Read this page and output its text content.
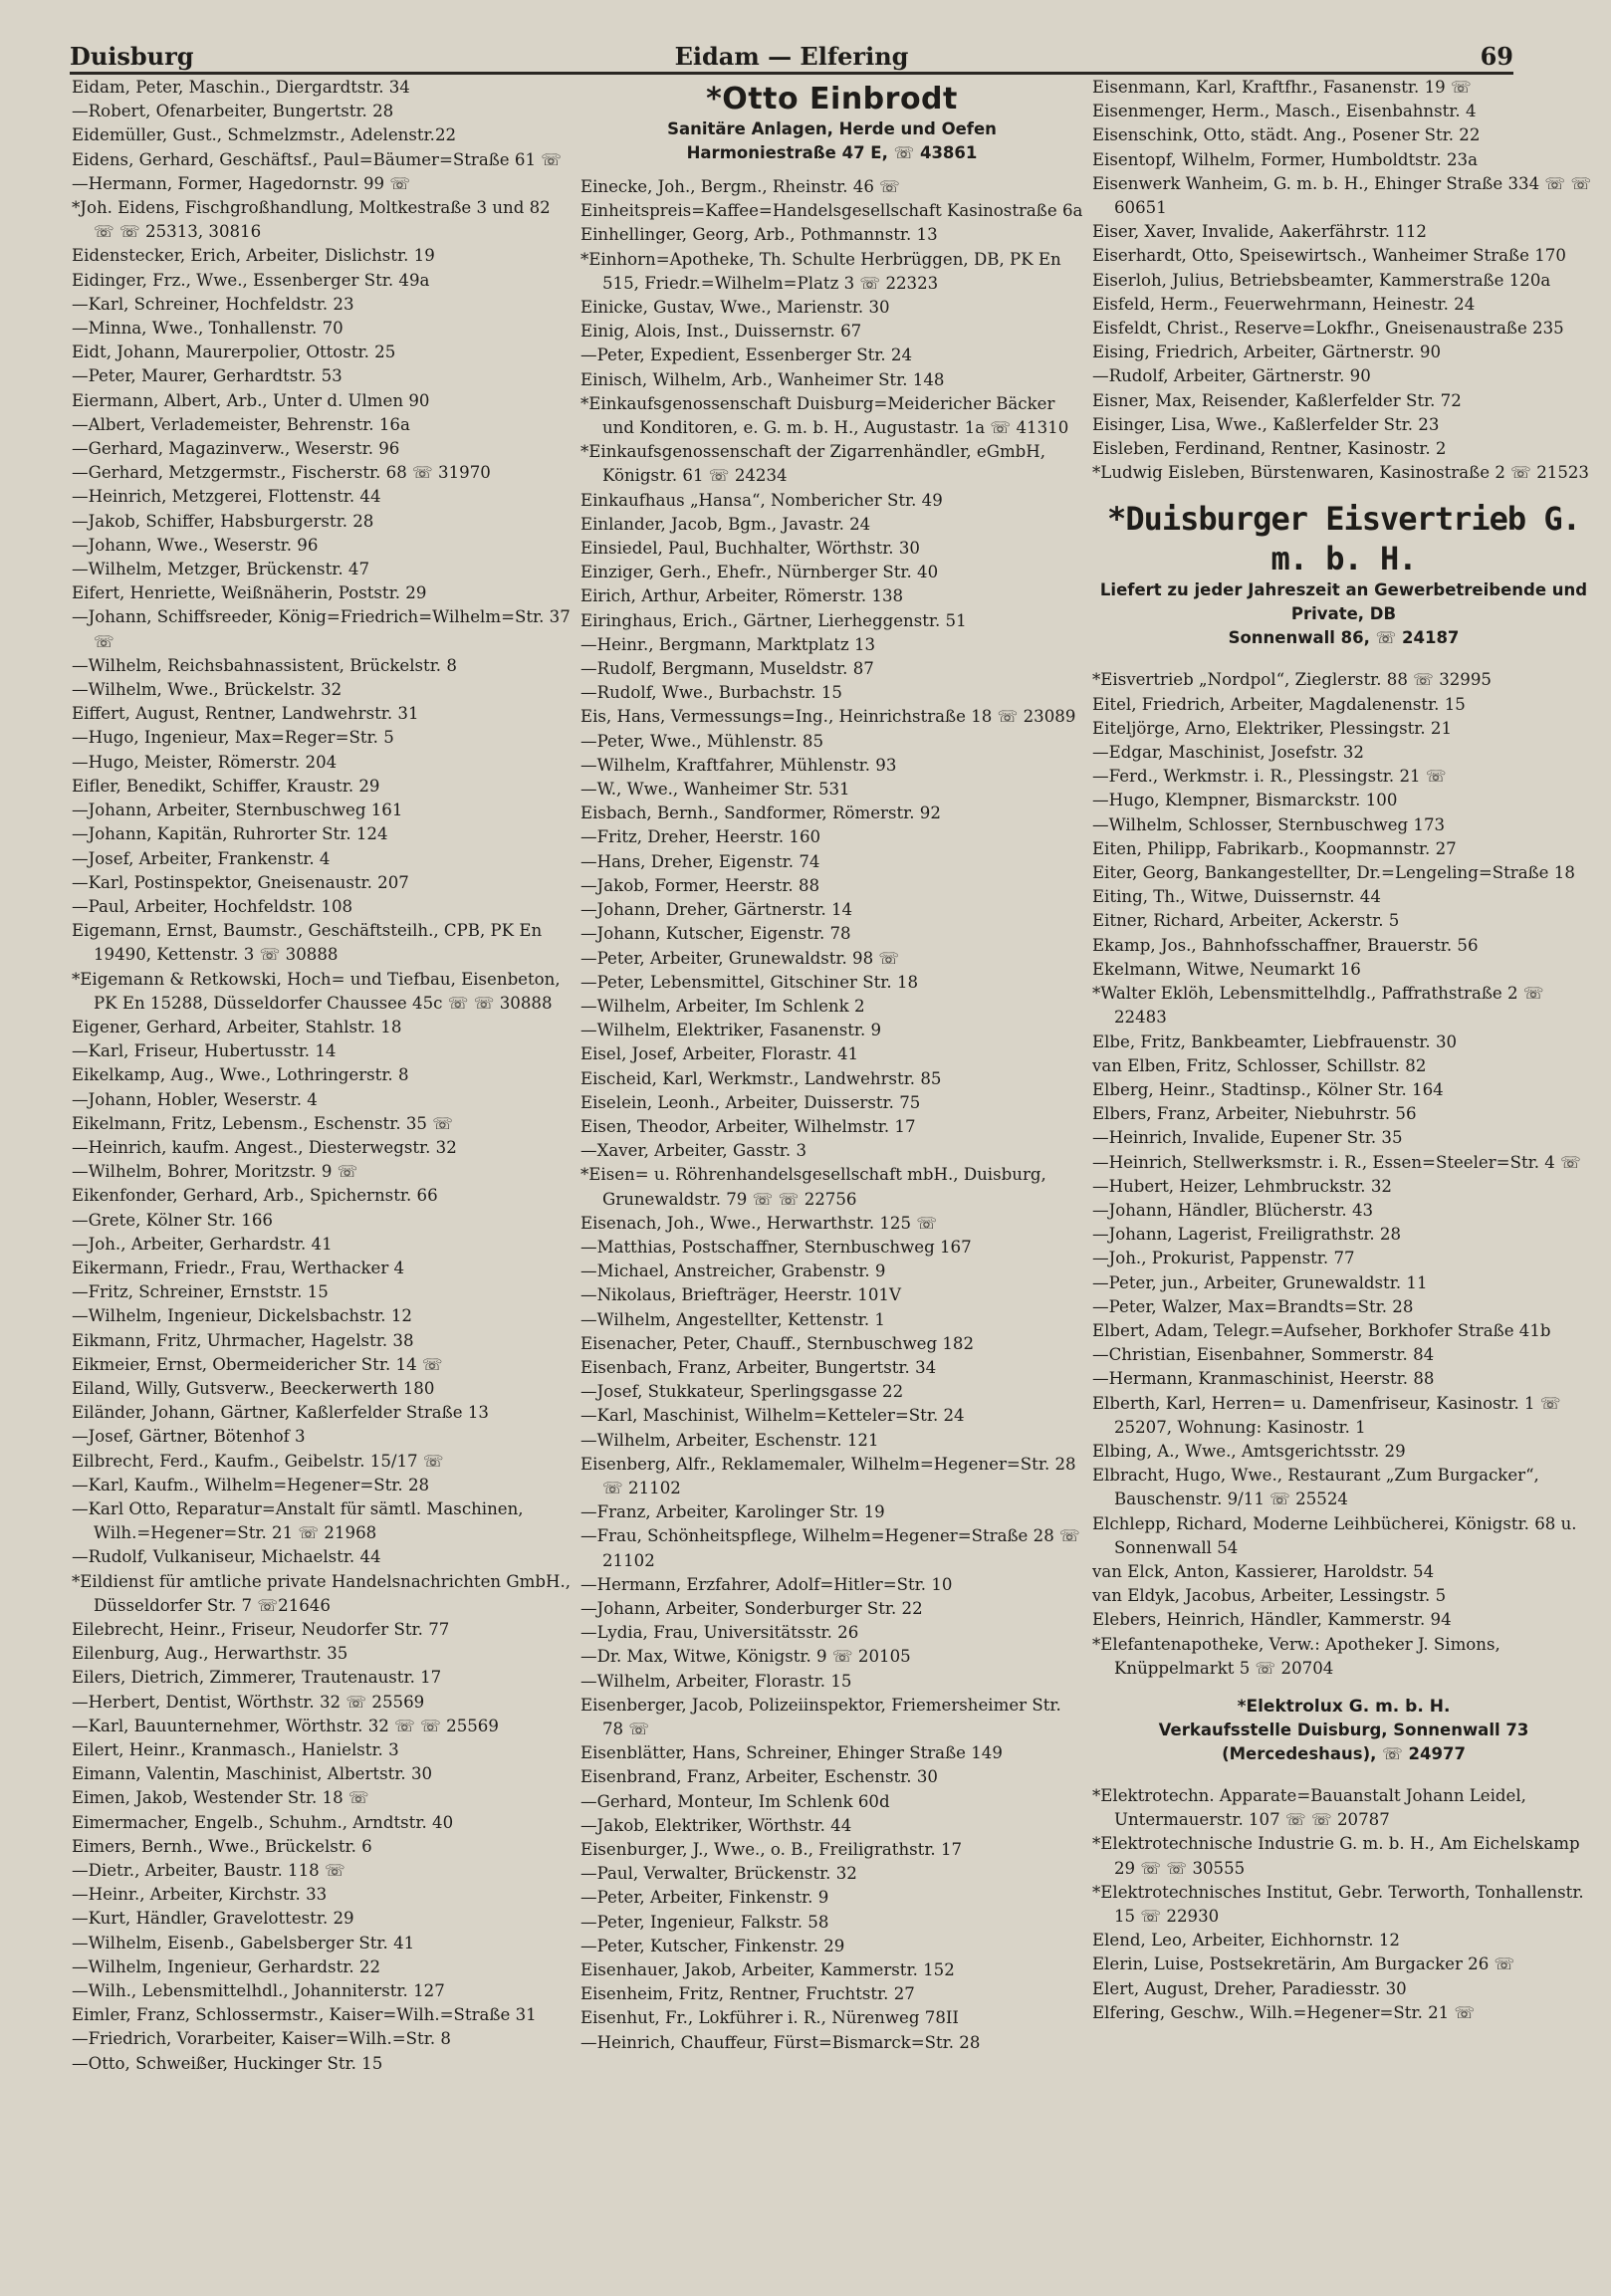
Duisburg	Eidam — Elfering	69
Eidam, Peter, Maschin., Diergardtstr. 34
—Robert, Ofenarbeiter, Bungertstr. 28
Eidemüller, Gust., Schmelzmstr., Adelenstr.22
Eidens, Gerhard, Geschäftsf., Paul=Bäumer=Straße 61 ☏
—Hermann, Former, Hagedornstr. 99 ☏
*Joh. Eidens, Fischgroßhandlung, Moltkestraße 3 und 82 ☏ ☏ 25313, 30816
Eidenstecker, Erich, Arbeiter, Dislichstr. 19
Eidinger, Frz., Wwe., Essenberger Str. 49a
—Karl, Schreiner, Hochfeldstr. 23
—Minna, Wwe., Tonhallenstr. 70
Eidt, Johann, Maurerpolier, Ottostr. 25
—Peter, Maurer, Gerhardtstr. 53
Eiermann, Albert, Arb., Unter d. Ulmen 90
—Albert, Verlademeister, Behrenstr. 16a
—Gerhard, Magazinverw., Weserstr. 96
—Gerhard, Metzgermstr., Fischerstr. 68 ☏ 31970
—Heinrich, Metzgerei, Flottenstr. 44
—Jakob, Schiffer, Habsburgerstr. 28
—Johann, Wwe., Weserstr. 96
—Wilhelm, Metzger, Brückenstr. 47
Eifert, Henriette, Weißnäherin, Poststr. 29
—Johann, Schiffsreeder, König=Friedrich=Wilhelm=Str. 37 ☏
—Wilhelm, Reichsbahnassistent, Brückelstr. 8
—Wilhelm, Wwe., Brückelstr. 32
Eiffert, August, Rentner, Landwehrstr. 31
—Hugo, Ingenieur, Max=Reger=Str. 5
—Hugo, Meister, Römerstr. 204
Eifler, Benedikt, Schiffer, Kraustr. 29
—Johann, Arbeiter, Sternbuschweg 161
—Johann, Kapitän, Ruhrorter Str. 124
—Josef, Arbeiter, Frankenstr. 4
—Karl, Postinspektor, Gneisenaustr. 207
—Paul, Arbeiter, Hochfeldstr. 108
Eigemann, Ernst, Baumstr., Geschäftsteilh., CPB, PK En 19490, Kettenstr. 3 ☏ 30888
*Eigemann & Retkowski, Hoch= und Tiefbau, Eisenbeton, PK En 15288, Düsseldorfer Chaussee 45c ☏ ☏ 30888
Eigener, Gerhard, Arbeiter, Stahlstr. 18
—Karl, Friseur, Hubertusstr. 14
Eikelkamp, Aug., Wwe., Lothringerstr. 8
—Johann, Hobler, Weserstr. 4
Eikelmann, Fritz, Lebensm., Eschenstr. 35 ☏
—Heinrich, kaufm. Angest., Diesterwegstr. 32
—Wilhelm, Bohrer, Moritzstr. 9 ☏
Eikenfonder, Gerhard, Arb., Spichernstr. 66
—Grete, Kölner Str. 166
—Joh., Arbeiter, Gerhardstr. 41
Eikermann, Friedr., Frau, Werthacker 4
—Fritz, Schreiner, Ernststr. 15
—Wilhelm, Ingenieur, Dickelsbachstr. 12
Eikmann, Fritz, Uhrmacher, Hagelstr. 38
Eikmeier, Ernst, Obermeidericher Str. 14 ☏
Eiland, Willy, Gutsverw., Beeckerwerth 180
Eiländer, Johann, Gärtner, Kaßlerfelder Straße 13
—Josef, Gärtner, Bötenhof 3
Eilbrecht, Ferd., Kaufm., Geibelstr. 15/17 ☏
—Karl, Kaufm., Wilhelm=Hegener=Str. 28
—Karl Otto, Reparatur=Anstalt für sämtl. Maschinen, Wilh.=Hegener=Str. 21 ☏ 21968
—Rudolf, Vulkaniseur, Michaelstr. 44
*Eildienst für amtliche private Handelsnachrichten GmbH., Düsseldorfer Str. 7 ☏21646
Eilebrecht, Heinr., Friseur, Neudorfer Str. 77
Eilenburg, Aug., Herwarthstr. 35
Eilers, Dietrich, Zimmerer, Trautenaustr. 17
—Herbert, Dentist, Wörthstr. 32 ☏ 25569
—Karl, Bauunternehmer, Wörthstr. 32 ☏ ☏ 25569
Eilert, Heinr., Kranmasch., Hanielstr. 3
Eimann, Valentin, Maschinist, Albertstr. 30
Eimen, Jakob, Westender Str. 18 ☏
Eimermacher, Engelb., Schuhm., Arndtstr. 40
Eimers, Bernh., Wwe., Brückelstr. 6
—Dietr., Arbeiter, Baustr. 118 ☏
—Heinr., Arbeiter, Kirchstr. 33
—Kurt, Händler, Gravelottestr. 29
—Wilhelm, Eisenb., Gabelsberger Str. 41
—Wilhelm, Ingenieur, Gerhardstr. 22
—Wilh., Lebensmittelhdl., Johanniterstr. 127
Eimler, Franz, Schlossermstr., Kaiser=Wilh.=Straße 31
—Friedrich, Vorarbeiter, Kaiser=Wilh.=Str. 8
—Otto, Schweißer, Huckinger Str. 15
*Otto Einbrodt
Sanitäre Anlagen, Herde und Oefen
Harmoniestraße 47 E, ☏ 43861
Einecke, Joh., Bergm., Rheinstr. 46 ☏
Einheitspreis=Kaffee=Handelsgesellschaft Kasinostraße 6a
Einhellinger, Georg, Arb., Pothmannstr. 13
*Einhorn=Apotheke, Th. Schulte Herbrüggen, DB, PK En 515, Friedr.=Wilhelm=Platz 3 ☏ 22323
Einicke, Gustav, Wwe., Marienstr. 30
Einig, Alois, Inst., Duissernstr. 67
—Peter, Expedient, Essenberger Str. 24
Einisch, Wilhelm, Arb., Wanheimer Str. 148
*Einkaufsgenossenschaft Duisburg=Meidericher Bäcker und Konditoren, e. G. m. b. H., Augustastr. 1a ☏ 41310
*Einkaufsgenossenschaft der Zigarrenhändler, eGmbH, Königstr. 61 ☏ 24234
Einkaufhaus „Hansa“, Nombericher Str. 49
Einlander, Jacob, Bgm., Javastr. 24
Einsiedel, Paul, Buchhalter, Wörthstr. 30
Einziger, Gerh., Ehefr., Nürnberger Str. 40
Eirich, Arthur, Arbeiter, Römerstr. 138
Eiringhaus, Erich., Gärtner, Lierheggenstr. 51
—Heinr., Bergmann, Marktplatz 13
—Rudolf, Bergmann, Museldstr. 87
—Rudolf, Wwe., Burbachstr. 15
Eis, Hans, Vermessungs=Ing., Heinrichstraße 18 ☏ 23089
—Peter, Wwe., Mühlenstr. 85
—Wilhelm, Kraftfahrer, Mühlenstr. 93
—W., Wwe., Wanheimer Str. 531
Eisbach, Bernh., Sandformer, Römerstr. 92
—Fritz, Dreher, Heerstr. 160
—Hans, Dreher, Eigenstr. 74
—Jakob, Former, Heerstr. 88
—Johann, Dreher, Gärtnerstr. 14
—Johann, Kutscher, Eigenstr. 78
—Peter, Arbeiter, Grunewaldstr. 98 ☏
—Peter, Lebensmittel, Gitschiner Str. 18
—Wilhelm, Arbeiter, Im Schlenk 2
—Wilhelm, Elektriker, Fasanenstr. 9
Eisel, Josef, Arbeiter, Florastr. 41
Eischeid, Karl, Werkmstr., Landwehrstr. 85
Eiselein, Leonh., Arbeiter, Duisserstr. 75
Eisen, Theodor, Arbeiter, Wilhelmstr. 17
—Xaver, Arbeiter, Gasstr. 3
*Eisen= u. Röhrenhandelsgesellschaft mbH., Duisburg, Grunewaldstr. 79 ☏ ☏ 22756
Eisenach, Joh., Wwe., Herwarthstr. 125 ☏
—Matthias, Postschaffner, Sternbuschweg 167
—Michael, Anstreicher, Grabenstr. 9
—Nikolaus, Briefträger, Heerstr. 101V
—Wilhelm, Angestellter, Kettenstr. 1
Eisenacher, Peter, Chauff., Sternbuschweg 182
Eisenbach, Franz, Arbeiter, Bungertstr. 34
—Josef, Stukkateur, Sperlingsgasse 22
—Karl, Maschinist, Wilhelm=Ketteler=Str. 24
—Wilhelm, Arbeiter, Eschenstr. 121
Eisenberg, Alfr., Reklamemaler, Wilhelm=Hegener=Str. 28 ☏ 21102
—Franz, Arbeiter, Karolinger Str. 19
—Frau, Schönheitspflege, Wilhelm=Hegener=Straße 28 ☏ 21102
—Hermann, Erzfahrer, Adolf=Hitler=Str. 10
—Johann, Arbeiter, Sonderburger Str. 22
—Lydia, Frau, Universitätsstr. 26
—Dr. Max, Witwe, Königstr. 9 ☏ 20105
—Wilhelm, Arbeiter, Florastr. 15
Eisenberger, Jacob, Polizeiinspektor, Friemersheimer Str. 78 ☏
Eisenblätter, Hans, Schreiner, Ehinger Straße 149
Eisenbrand, Franz, Arbeiter, Eschenstr. 30
—Gerhard, Monteur, Im Schlenk 60d
—Jakob, Elektriker, Wörthstr. 44
Eisenburger, J., Wwe., o. B., Freiligrathstr. 17
—Paul, Verwalter, Brückenstr. 32
—Peter, Arbeiter, Finkenstr. 9
—Peter, Ingenieur, Falkstr. 58
—Peter, Kutscher, Finkenstr. 29
Eisenhauer, Jakob, Arbeiter, Kammerstr. 152
Eisenheim, Fritz, Rentner, Fruchtstr. 27
Eisenhut, Fr., Lokführer i. R., Nürenweg 78II
—Heinrich, Chauffeur, Fürst=Bismarck=Str. 28
Eisenmann, Karl, Kraftfhr., Fasanenstr. 19 ☏
Eisenmenger, Herm., Masch., Eisenbahnstr. 4
Eisenschink, Otto, städt. Ang., Posener Str. 22
Eisentopf, Wilhelm, Former, Humboldtstr. 23a
Eisenwerk Wanheim, G. m. b. H., Ehinger Straße 334 ☏ ☏ 60651
Eiser, Xaver, Invalide, Aakerfährstr. 112
Eiserhardt, Otto, Speisewirtsch., Wanheimer Straße 170
Eiserloh, Julius, Betriebsbeamter, Kammerstraße 120a
Eisfeld, Herm., Feuerwehrmann, Heinestr. 24
Eisfeldt, Christ., Reserve=Lokfhr., Gneisenaustraße 235
Eising, Friedrich, Arbeiter, Gärtnerstr. 90
—Rudolf, Arbeiter, Gärtnerstr. 90
Eisner, Max, Reisender, Kaßlerfelder Str. 72
Eisinger, Lisa, Wwe., Kaßlerfelder Str. 23
Eisleben, Ferdinand, Rentner, Kasinostr. 2
*Ludwig Eisleben, Bürstenwaren, Kasinostraße 2 ☏ 21523
*Duisburger Eisvertrieb G. m. b. H.
Liefert zu jeder Jahreszeit an Gewerbetreibende und Private, DB
Sonnenwall 86, ☏ 24187
*Eisvertrieb „Nordpol“, Zieglerstr. 88 ☏ 32995
Eitel, Friedrich, Arbeiter, Magdalenenstr. 15
Eiteljörge, Arno, Elektriker, Plessingstr. 21
—Edgar, Maschinist, Josefstr. 32
—Ferd., Werkmstr. i. R., Plessingstr. 21 ☏
—Hugo, Klempner, Bismarckstr. 100
—Wilhelm, Schlosser, Sternbuschweg 173
Eiten, Philipp, Fabrikarb., Koopmannstr. 27
Eiter, Georg, Bankangestellter, Dr.=Lengeling=Straße 18
Eiting, Th., Witwe, Duissernstr. 44
Eitner, Richard, Arbeiter, Ackerstr. 5
Ekamp, Jos., Bahnhofsschaffner, Brauerstr. 56
Ekelmann, Witwe, Neumarkt 16
*Walter Eklöh, Lebensmittelhdlg., Paffrathstraße 2 ☏ 22483
Elbe, Fritz, Bankbeamter, Liebfrauenstr. 30
van Elben, Fritz, Schlosser, Schillstr. 82
Elberg, Heinr., Stadtinsp., Kölner Str. 164
Elbers, Franz, Arbeiter, Niebuhrstr. 56
—Heinrich, Invalide, Eupener Str. 35
—Heinrich, Stellwerksmstr. i. R., Essen=Steeler=Str. 4 ☏
—Hubert, Heizer, Lehmbruckstr. 32
—Johann, Händler, Blücherstr. 43
—Johann, Lagerist, Freiligrathstr. 28
—Joh., Prokurist, Pappenstr. 77
—Peter, jun., Arbeiter, Grunewaldstr. 11
—Peter, Walzer, Max=Brandts=Str. 28
Elbert, Adam, Telegr.=Aufseher, Borkhofer Straße 41b
—Christian, Eisenbahner, Sommerstr. 84
—Hermann, Kranmaschinist, Heerstr. 88
Elberth, Karl, Herren= u. Damenfriseur, Kasinostr. 1 ☏ 25207, Wohnung: Kasinostr. 1
Elbing, A., Wwe., Amtsgerichtsstr. 29
Elbracht, Hugo, Wwe., Restaurant „Zum Burgacker“, Bauschenstr. 9/11 ☏ 25524
Elchlepp, Richard, Moderne Leihbücherei, Königstr. 68 u. Sonnenwall 54
van Elck, Anton, Kassierer, Haroldstr. 54
van Eldyk, Jacobus, Arbeiter, Lessingstr. 5
Elebers, Heinrich, Händler, Kammerstr. 94
*Elefantenapotheke, Verw.: Apotheker J. Simons, Knüppelmarkt 5 ☏ 20704
*Elektrolux G. m. b. H.
Verkaufsstelle Duisburg, Sonnenwall 73
(Mercedeshaus), ☏ 24977
*Elektrotechn. Apparate=Bauanstalt Johann Leidel, Untermauerstr. 107 ☏ ☏ 20787
*Elektrotechnische Industrie G. m. b. H., Am Eichelskamp 29 ☏ ☏ 30555
*Elektrotechnisches Institut, Gebr. Terworth, Tonhallenstr. 15 ☏ 22930
Elend, Leo, Arbeiter, Eichhornstr. 12
Elerin, Luise, Postsekretärin, Am Burgacker 26 ☏
Elert, August, Dreher, Paradiesstr. 30
Elfering, Geschw., Wilh.=Hegener=Str. 21 ☏
